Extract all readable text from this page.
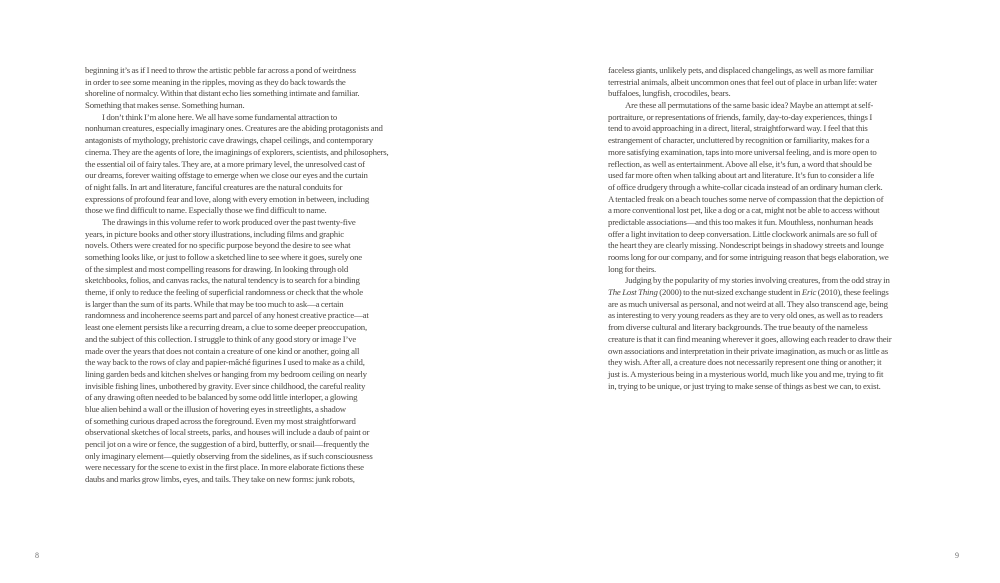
beginning it’s as if I need to throw the artistic pebble far across a pond of weirdness
in order to see some meaning in the ripples, moving as they do back towards the
shoreline of normalcy. Within that distant echo lies something intimate and familiar.
Something that makes sense. Something human.
I don’t think I’m alone here. We all have some fundamental attraction to
nonhuman creatures, especially imaginary ones. Creatures are the abiding protagonists and
antagonists of mythology, prehistoric cave drawings, chapel ceilings, and contemporary
cinema. They are the agents of lore, the imaginings of explorers, scientists, and philosophers,
the essential oil of fairy tales. They are, at a more primary level, the unresolved cast of
our dreams, forever waiting offstage to emerge when we close our eyes and the curtain
of night falls. In art and literature, fanciful creatures are the natural conduits for
expressions of profound fear and love, along with every emotion in between, including
those we find difficult to name. Especially those we find difficult to name.
The drawings in this volume refer to work produced over the past twenty-five
years, in picture books and other story illustrations, including films and graphic
novels. Others were created for no specific purpose beyond the desire to see what
something looks like, or just to follow a sketched line to see where it goes, surely one
of the simplest and most compelling reasons for drawing. In looking through old
sketchbooks, folios, and canvas racks, the natural tendency is to search for a binding
theme, if only to reduce the feeling of superficial randomness or check that the whole
is larger than the sum of its parts. While that may be too much to ask—a certain
randomness and incoherence seems part and parcel of any honest creative practice—at
least one element persists like a recurring dream, a clue to some deeper preoccupation,
and the subject of this collection. I struggle to think of any good story or image I’ve
made over the years that does not contain a creature of one kind or another, going all
the way back to the rows of clay and papier-mâché figurines I used to make as a child,
lining garden beds and kitchen shelves or hanging from my bedroom ceiling on nearly
invisible fishing lines, unbothered by gravity. Ever since childhood, the careful reality
of any drawing often needed to be balanced by some odd little interloper, a glowing
blue alien behind a wall or the illusion of hovering eyes in streetlights, a shadow
of something curious draped across the foreground. Even my most straightforward
observational sketches of local streets, parks, and houses will include a daub of paint or
pencil jot on a wire or fence, the suggestion of a bird, butterfly, or snail—frequently the
only imaginary element—quietly observing from the sidelines, as if such consciousness
were necessary for the scene to exist in the first place. In more elaborate fictions these
daubs and marks grow limbs, eyes, and tails. They take on new forms: junk robots,
8
faceless giants, unlikely pets, and displaced changelings, as well as more familiar
terrestrial animals, albeit uncommon ones that feel out of place in urban life: water
buffaloes, lungfish, crocodiles, bears.
Are these all permutations of the same basic idea? Maybe an attempt at self-
portraiture, or representations of friends, family, day-to-day experiences, things I
tend to avoid approaching in a direct, literal, straightforward way. I feel that this
estrangement of character, uncluttered by recognition or familiarity, makes for a
more satisfying examination, taps into more universal feeling, and is more open to
reflection, as well as entertainment. Above all else, it’s fun, a word that should be
used far more often when talking about art and literature. It’s fun to consider a life
of office drudgery through a white-collar cicada instead of an ordinary human clerk.
A tentacled freak on a beach touches some nerve of compassion that the depiction of
a more conventional lost pet, like a dog or a cat, might not be able to access without
predictable associations—and this too makes it fun. Mouthless, nonhuman heads
offer a light invitation to deep conversation. Little clockwork animals are so full of
the heart they are clearly missing. Nondescript beings in shadowy streets and lounge
rooms long for our company, and for some intriguing reason that begs elaboration, we
long for theirs.
Judging by the popularity of my stories involving creatures, from the odd stray in
The Lost Thing (2000) to the nut-sized exchange student in Eric (2010), these feelings
are as much universal as personal, and not weird at all. They also transcend age, being
as interesting to very young readers as they are to very old ones, as well as to readers
from diverse cultural and literary backgrounds. The true beauty of the nameless
creature is that it can find meaning wherever it goes, allowing each reader to draw their
own associations and interpretation in their private imagination, as much or as little as
they wish. After all, a creature does not necessarily represent one thing or another; it
just is. A mysterious being in a mysterious world, much like you and me, trying to fit
in, trying to be unique, or just trying to make sense of things as best we can, to exist.
9
